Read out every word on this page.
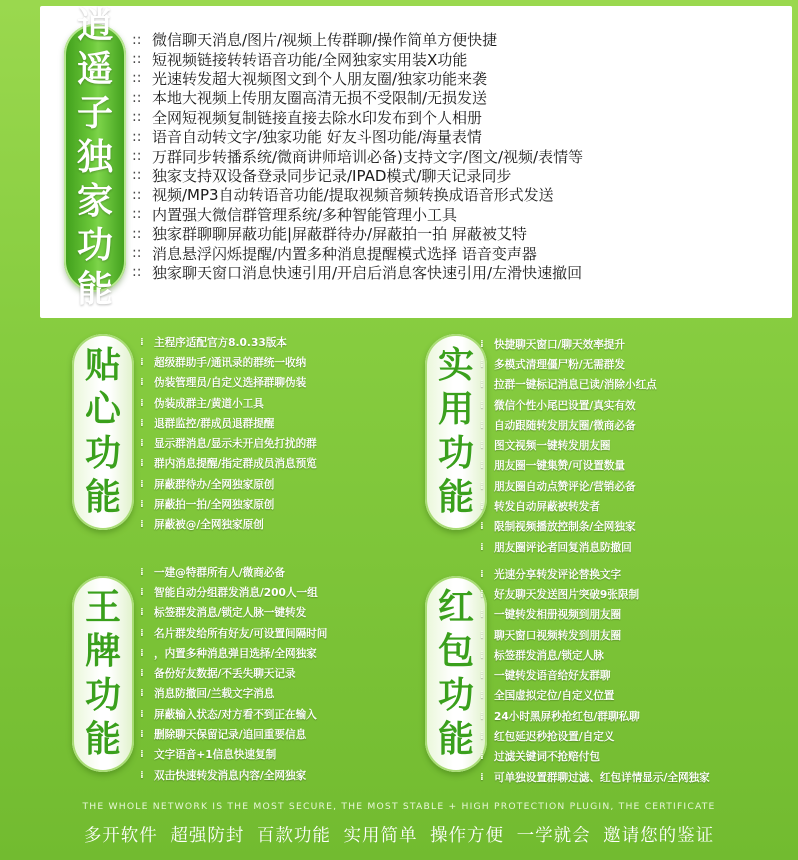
逍
遥
子
独
家
功
能
:: 微信聊天消息/图片/视频上传群聊/操作简单方便快捷
:: 短视频链接转转语音功能/全网独家实用装X功能
:: 光速转发超大视频图文到个人朋友圈/独家功能来袭
:: 本地大视频上传朋友圈高清无损不受限制/无损发送
:: 全网短视频复制链接直接去除水印发布到个人相册
:: 语音自动转文字/独家功能 好友斗图功能/海量表情
:: 万群同步转播系统/微商讲师培训必备)支持文字/图文/视频/表情等
:: 独家支持双设备登录同步记录/IPAD模式/聊天记录同步
:: 视频/MP3自动转语音功能/提取视频音频转换成语音形式发送
:: 内置强大微信群管理系统/多种智能管理小工具
:: 独家群聊聊屏蔽功能|屏蔽群待办/屏蔽拍一拍 屏蔽被艾特
:: 消息悬浮闪烁提醒/内置多种消息提醒模式选择 语音变声器
:: 独家聊天窗口消息快速引用/开启后消息客快速引用/左滑快速撤回
贴
心
功
能
王
牌
功
能
实
用
功
能
红
包
功
能
⁞ 主程序适配官方8.0.33版本
⁞ 超级群助手/通讯录的群统一收纳
⁞ 伪装管理员/自定义选择群聊伪装
⁞ 伪装成群主/黄道小工具
⁞ 退群监控/群成员退群提醒
⁞ 显示群消息/显示未开启免打扰的群
⁞ 群内消息提醒/指定群成员消息预览
⁞ 屏蔽群待办/全网独家原创
⁞ 屏蔽拍一拍/全网独家原创
⁞ 屏蔽被@/全网独家原创
⁞ 一建@特群所有人/微商必备
⁞ 智能自动分组群发消息/200人一组
⁞ 标签群发消息/锁定人脉一键转发
⁞ 名片群发给所有好友/可设置间隔时间
⁞ ，内置多种消息弹目选择/全网独家
⁞ 备份好友数据/不丢失聊天记录
⁞ 消息防撤回/兰载文字消息
⁞ 屏蔽输入状态/对方看不到正在输入
⁞ 删除聊天保留记录/追回重要信息
⁞ 文字语音+1信息快速复制
⁞ 双击快速转发消息内容/全网独家
⁞ 快捷聊天窗口/聊天效率提升
⁞ 多模式清理僵尸粉/无需群发
⁞ 拉群一键标记消息已读/消除小红点
⁞ 微信个性小尾巴设置/真实有效
⁞ 自动跟随转发朋友圈/微商必备
⁞ 图文视频一键转发朋友圈
⁞ 朋友圈一键集赞/可设置数量
⁞ 朋友圈自动点赞评论/营销必备
⁞ 转发自动屏蔽被转发者
⁞ 限制视频播放控制条/全网独家
⁞ 朋友圈评论者回复消息防撤回
⁞ 光速分享转发评论替换文字
⁞ 好友聊天发送图片突破9张限制
⁞ 一键转发相册视频到朋友圈
⁞ 聊天窗口视频转发到朋友圈
⁞ 标签群发消息/锁定人脉
⁞ 一键转发语音给好友群聊
⁞ 全国虚拟定位/自定义位置
⁞ 24小时黑屏秒抢红包/群聊私聊
⁞ 红包延迟秒抢设置/自定义
⁞ 过滤关键词不抢赔付包
⁞ 可单独设置群聊过滤、红包详情显示/全网独家
THE WHOLE NETWORK IS THE MOST SECURE, THE MOST STABLE + HIGH PROTECTION PLUGIN, THE CERTIFICATE
多开软件 超强防封 百款功能 实用简单 操作方便 一学就会 邀请您的鉴证
